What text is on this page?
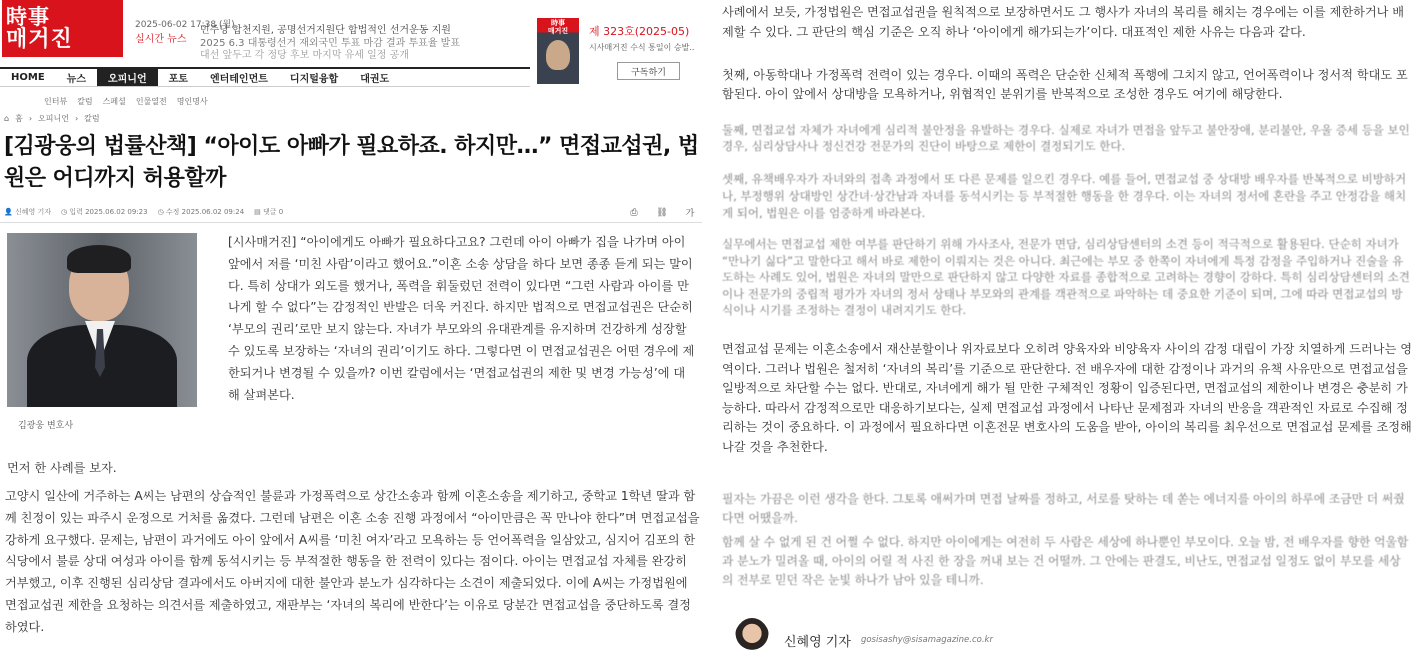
時事
매거진
2025-06-02 17:38 (월)
실시간 뉴스
민주당 합천지원, 공명선거지원단 합법적인 선거운동 지원
2025 6.3 대통령선거 재외국민 투표 마감 결과 투표율 발표
대선 앞두고 각 정당 후보 마지막 유세 일정 공개
時事
매거진	제 323호(2025-05)
시사매거진 수식 통일이 승발..
구독하기
HOME	뉴스	오피니언	포토	엔터테인먼트	디지털융합	대권도
인터뷰 칼럼 스페셜 인물열전 명인명사
⌂ 홈 › 오피니언 › 칼럼
[김광웅의 법률산책] “아이도 아빠가 필요하죠. 하지만…” 면접교섭권, 법원은 어디까지 허용할까
👤 신혜영 기자 ◷ 입력 2025.06.02 09:23 ◷ 수정 2025.06.02 09:24 ▤ 댓글 0	⎙	⛓	가
김광웅 변호사

[시사매거진] “아이에게도 아빠가 필요하다고요? 그런데 아이 아빠가 집을 나가며 아이 앞에서 저를 ‘미친 사람’이라고 했어요.”이혼 소송 상담을 하다 보면 종종 듣게 되는 말이다. 특히 상대가 외도를 했거나, 폭력을 휘둘렀던 전력이 있다면 “그런 사람과 아이를 만나게 할 수 없다”는 감정적인 반발은 더욱 커진다. 하지만 법적으로 면접교섭권은 단순히 ‘부모의 권리’로만 보지 않는다. 자녀가 부모와의 유대관계를 유지하며 건강하게 성장할 수 있도록 보장하는 ‘자녀의 권리’이기도 하다. 그렇다면 이 면접교섭권은 어떤 경우에 제한되거나 변경될 수 있을까? 이번 칼럼에서는 ‘면접교섭권의 제한 및 변경 가능성’에 대해 살펴본다.

먼저 한 사례를 보자.

고양시 일산에 거주하는 A씨는 남편의 상습적인 불륜과 가정폭력으로 상간소송과 함께 이혼소송을 제기하고, 중학교 1학년 딸과 함께 친정이 있는 파주시 운정으로 거처를 옮겼다. 그런데 남편은 이혼 소송 진행 과정에서 “아이만큼은 꼭 만나야 한다”며 면접교섭을 강하게 요구했다. 문제는, 남편이 과거에도 아이 앞에서 A씨를 ‘미친 여자’라고 모욕하는 등 언어폭력을 일삼았고, 심지어 김포의 한 식당에서 불륜 상대 여성과 아이를 함께 동석시키는 등 부적절한 행동을 한 전력이 있다는 점이다. 아이는 면접교섭 자체를 완강히 거부했고, 이후 진행된 심리상담 결과에서도 아버지에 대한 불안과 분노가 심각하다는 소견이 제출되었다. 이에 A씨는 가정법원에 면접교섭권 제한을 요청하는 의견서를 제출하였고, 재판부는 ‘자녀의 복리에 반한다’는 이유로 당분간 면접교섭을 중단하도록 결정하였다.

사례에서 보듯, 가정법원은 면접교섭권을 원칙적으로 보장하면서도 그 행사가 자녀의 복리를 해치는 경우에는 이를 제한하거나 배제할 수 있다. 그 판단의 핵심 기준은 오직 하나 ‘아이에게 해가되는가’이다. 대표적인 제한 사유는 다음과 같다.

첫째, 아동학대나 가정폭력 전력이 있는 경우다. 이때의 폭력은 단순한 신체적 폭행에 그치지 않고, 언어폭력이나 정서적 학대도 포함된다. 아이 앞에서 상대방을 모욕하거나, 위협적인 분위기를 반복적으로 조성한 경우도 여기에 해당한다.

둘째, 면접교섭 자체가 자녀에게 심리적 불안정을 유발하는 경우다. 실제로 자녀가 면접을 앞두고 불안장애, 분리불안, 우울 증세 등을 보인 경우, 심리상담사나 정신건강 전문가의 진단이 바탕으로 제한이 결정되기도 한다.

셋째, 유책배우자가 자녀와의 접촉 과정에서 또 다른 문제를 일으킨 경우다. 예를 들어, 면접교섭 중 상대방 배우자를 반복적으로 비방하거나, 부정행위 상대방인 상간녀·상간남과 자녀를 동석시키는 등 부적절한 행동을 한 경우다. 이는 자녀의 정서에 혼란을 주고 안정감을 해치게 되어, 법원은 이를 엄중하게 바라본다.

실무에서는 면접교섭 제한 여부를 판단하기 위해 가사조사, 전문가 면담, 심리상담센터의 소견 등이 적극적으로 활용된다. 단순히 자녀가 “만나기 싫다”고 말한다고 해서 바로 제한이 이뤄지는 것은 아니다. 최근에는 부모 중 한쪽이 자녀에게 특정 감정을 주입하거나 진술을 유도하는 사례도 있어, 법원은 자녀의 말만으로 판단하지 않고 다양한 자료를 종합적으로 고려하는 경향이 강하다. 특히 심리상담센터의 소견이나 전문가의 중립적 평가가 자녀의 정서 상태나 부모와의 관계를 객관적으로 파악하는 데 중요한 기준이 되며, 그에 따라 면접교섭의 방식이나 시기를 조정하는 결정이 내려지기도 한다.

면접교섭 문제는 이혼소송에서 재산분할이나 위자료보다 오히려 양육자와 비양육자 사이의 감정 대립이 가장 치열하게 드러나는 영역이다. 그러나 법원은 철저히 ‘자녀의 복리’를 기준으로 판단한다. 전 배우자에 대한 감정이나 과거의 유책 사유만으로 면접교섭을 일방적으로 차단할 수는 없다. 반대로, 자녀에게 해가 될 만한 구체적인 정황이 입증된다면, 면접교섭의 제한이나 변경은 충분히 가능하다. 따라서 감정적으로만 대응하기보다는, 실제 면접교섭 과정에서 나타난 문제점과 자녀의 반응을 객관적인 자료로 수집해 정리하는 것이 중요하다. 이 과정에서 필요하다면 이혼전문 변호사의 도움을 받아, 아이의 복리를 최우선으로 면접교섭 문제를 조정해 나갈 것을 추천한다.

필자는 가끔은 이런 생각을 한다. 그토록 애써가며 면접 날짜를 정하고, 서로를 탓하는 데 쏟는 에너지를 아이의 하루에 조금만 더 써줬다면 어땠을까.

함께 살 수 없게 된 건 어쩔 수 없다. 하지만 아이에게는 여전히 두 사람은 세상에 하나뿐인 부모이다. 오늘 밤, 전 배우자를 향한 억울함과 분노가 밀려올 때, 아이의 어릴 적 사진 한 장을 꺼내 보는 건 어떨까. 그 안에는 판결도, 비난도, 면접교섭 일정도 없이 부모를 세상의 전부로 믿던 작은 눈빛 하나가 남아 있을 테니까.

신혜영 기자 gosisashy@sisamagazine.co.kr
